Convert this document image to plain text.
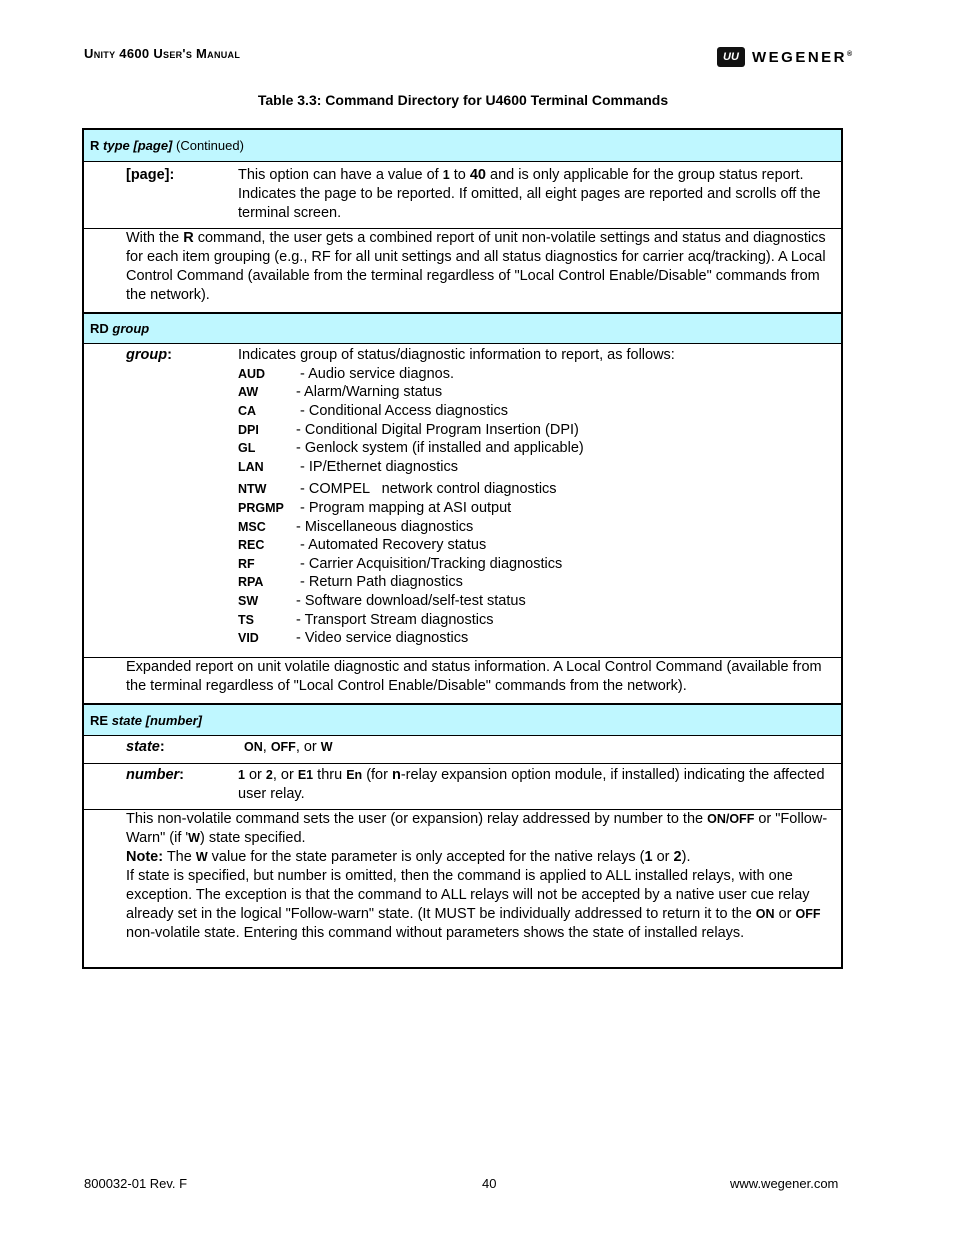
Unity 4600 User's Manual	UU WEGENER®
Table 3.3: Command Directory for U4600 Terminal Commands
R
type
[page]
(Continued)
[page]:	This option can have a value of 1 to 40 and is only applicable for the group status report. Indicates the page to be reported. If omitted, all eight pages are reported and scrolls off the terminal screen.
With the R command, the user gets a combined report of unit non-volatile settings and status and diagnostics for each item grouping (e.g., RF for all unit settings and all status diagnostics for carrier acq/tracking). A Local Control Command (available from the terminal regardless of "Local Control Enable/Disable" commands from the network).
RD
group
group:	Indicates group of status/diagnostic information to report, as follows:
AUD	- Audio service diagnos.
AW	- Alarm/Warning status
CA	- Conditional Access diagnostics
DPI	- Conditional Digital Program Insertion (DPI)
GL	- Genlock system (if installed and applicable)
LAN	- IP/Ethernet diagnostics
NTW	- COMPEL   network control diagnostics
PRGMP - Program mapping at ASI output
MSC	- Miscellaneous diagnostics
REC	- Automated Recovery status
RF	- Carrier Acquisition/Tracking diagnostics
RPA	- Return Path diagnostics
SW	- Software download/self-test status
TS	- Transport Stream diagnostics
VID	- Video service diagnostics
Expanded report on unit volatile diagnostic and status information. A Local Control Command (available from the terminal regardless of "Local Control Enable/Disable" commands from the network).
RE
state [number]
state:	ON, OFF, or W
number:	1 or 2, or E1 thru En (for n-relay expansion option module, if installed) indicating the affected user relay.
This non-volatile command sets the user (or expansion) relay addressed by number to the ON/OFF or "Follow-Warn" (if 'W) state specified.
Note: The W value for the state parameter is only accepted for the native relays (1 or 2).
If state is specified, but number is omitted, then the command is applied to ALL installed relays, with one exception. The exception is that the command to ALL relays will not be accepted by a native user cue relay already set in the logical "Follow-warn" state. (It MUST be individually addressed to return it to the ON or OFF non-volatile state. Entering this command without parameters shows the state of installed relays.
800032-01 Rev. F	40	www.wegener.com
